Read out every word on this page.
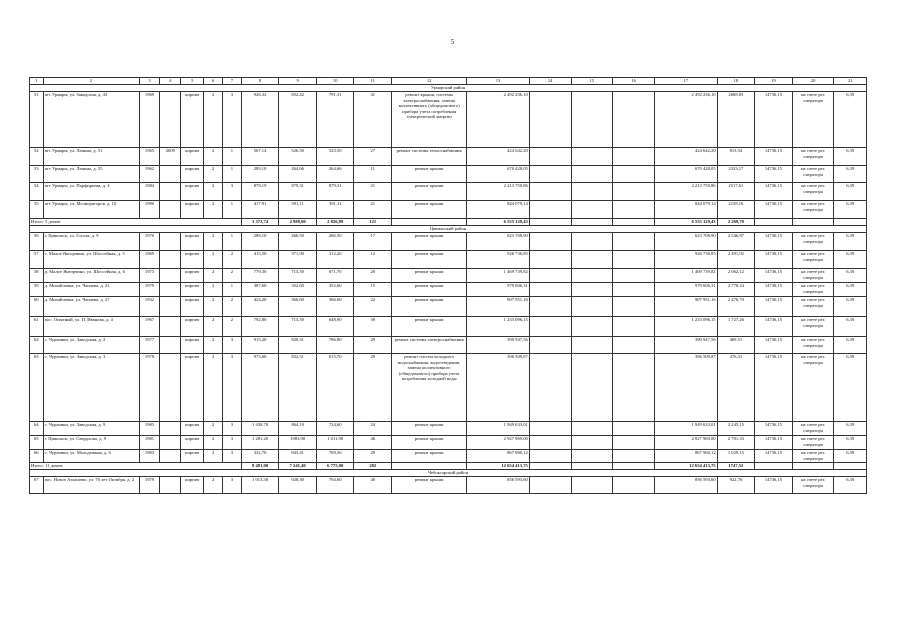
5
1	2	3	4	5	6	7	8	9	10	11	12	13	14	15	16	17	18	19	20	21
Урмарский район																				
51	пгт Урмары, ул. Заводская, д. 43	1969		кирпич	2	3	926,32	852,42	791,31	41	ремонт крыши, системы электроснабжения, замена коллективного (общедомового) прибора учета потребления электрической энергии	2 492 236,10				2 492 236,10	2688,83	14736,15	на счете рег. оператора	6,39
52	пгт Урмары, ул. Ленина, д. 51	1965	2009	кирпич	2	1	567,14	526,50	523,50	27	ремонт системы теплоснабжения	424 642,20				424 642,20	813,54	14736,15	на счете рег. оператора	6,39
53	пгт Урмары, ул. Ленина, д. 55	1962		кирпич	2	1	289,18	264,66	264,66	11	ремонт крыши	670 428,05				670 428,05	2333,17	14736,15	на счете рег. оператора	6,39
54	пгт Урмары, ул. Порфирьева, д. 4	1984		кирпич	2	3	879,19	879,31	879,31	21	ремонт крыши	2 213 750,86				2 213 750,86	2517,61	14736,15	на счете рег. оператора	6,39
55	пгт Урмары, ул. Мелиораторов, д. 10	1990		кирпич	2	1	417,91	391,11	391,11	21	ремонт крыши	844 079,14				844 079,14	2158,16	14736,15	на счете рег. оператора	6,39
Итого: 5 домов							3 372,74	2 988,00	2 826,89	121		6 555 129,43				6 555 129,43	2 269,70			
Цивильский район																				
56	г. Цивильск, ул. Гоголя, д. 9	1970		кирпич	2	1	288,10	266,50	266,50	17	ремонт крыши	623 708,90				623 708,90	2 546,87	14736,15	на счете рег. оператора	6,39
57	с. Малое Янгорчино, ул. Шоссейная, д. 5	1969		кирпич	2	2	415,50	371,90	312,20	12	ремонт крыши	926 736,85				926 736,85	2 491,92	14736,15	на счете рег. оператора	6,39
58	д. Малое Янгорчино, ул. Шоссейная, д. 6	1973		кирпич	2	2	779,30	713,30	671,70	20	ремонт крыши	1 469 739,82				1 469 739,82	2 062,12	14736,15	на счете рег. оператора	6,39
59	д. Михайловка, ул. Чапаева, д. 21	1979		кирпич	2	1	387,60	352,60	352,60	15	ремонт крыши	979 606,31				979 606,31	2 778,24	14736,15	на счете рег. оператора	6,39
60	д. Михайловка, ул. Чапаева, д. 27	1932		кирпич	2	2	424,20	366,60	366,60	22	ремонт крыши	907 951,16				907 951,16	2 476,70	14736,15	на счете рег. оператора	6,39
61	пос. Опытный, ул. П. Иванова, д. 4	1967		кирпич	2	2	792,80	713,30	648,90	39	ремонт крыши	1 233 096,15				1 233 096,15	1 727,26	14736,15	на счете рег. оператора	6,39
62	с. Чурачики, ул. Заводская, д. 2	1977		кирпич	2	3	915,20	820,31	786,80	29	ремонт системы электроснабжения	390 947,56				390 947,56	469,51	14736,15	на счете рег. оператора	6,39
63	с. Чурачики, ул. Заводская, д. 3	1978		кирпич	2	3	973,60	832,51	815,70	29	ремонт систем холодного водоснабжения, водоотведения, замена коллективного (общедомового) прибора учета потребления холодной воды	396 509,87				396 509,87	476,31	14736,15	на счете рег. оператора	6,39
64	с. Чурачики, ул. Заводская, д. 9	1983		кирпич	2	3	1 438,70	864,19	724,60	24	ремонт крыши	1 949 633,01				1 949 633,01	2 245,15	14736,15	на счете рег. оператора	6,39
65	г. Цивильск, ул. Свердлова, д. 9	1981		кирпич	2	3	1 281,20	1083,90	1 011,90	46	ремонт крыши	2 927 969,00				2 927 969,00	2 701,33	14736,15	на счете рег. оператора	6,39
66	с. Чурачики, ул. Молодежная, д. 6	1983		кирпич	2	3	332,70	843,41	769,56	29	ремонт крыши	867 960,12				867 960,12	1 029,15	14736,15	на счете рег. оператора	6,39
Итого: 11 домов							8 481,00	7 241,40	6 775,00	282		12 654 413,75				12 654 413,75	1747,52			
Чебоксарский район																				
67	пос. Новое Атлашево, ул. 70 лет Октября, д. 2	1979		кирпич	2	3	1 013,30	928,30	794,60	40	ремонт крыши	856 593,60				856 593,60	922,76	14736,15	на счете рег. оператора	6,39
